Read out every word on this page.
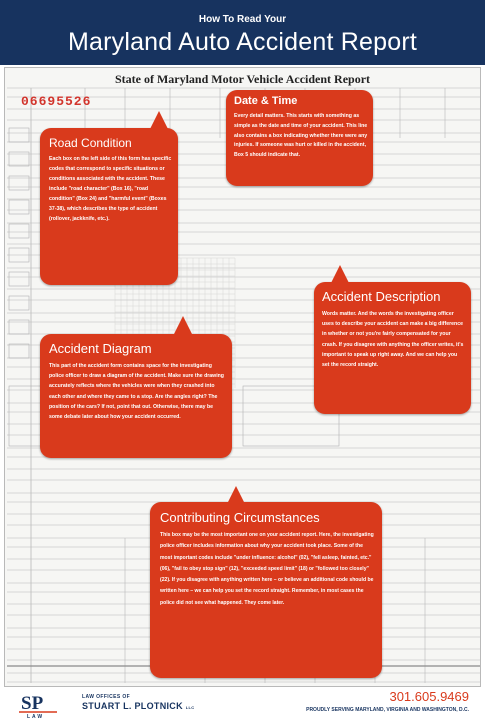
How To Read Your
Maryland Auto Accident Report
State of Maryland Motor Vehicle Accident Report
06695526	Date & Time
Every detail matters. This starts with something as simple as the date and time of your accident. This line also contains a box indicating whether there were any injuries. If someone was hurt or killed in the accident, Box 5 should indicate that.
Road Condition
Each box on the left side of this form has specific codes that correspond to specific situations or conditions associated with the accident. These include "road character" (Box 16), "road condition" (Box 24) and "harmful event" (Boxes 37-38), which describes the type of accident (rollover, jackknife, etc.).
Accident Description
Words matter. And the words the investigating officer uses to describe your accident can make a big difference in whether or not you're fairly compensated for your crash. If you disagree with anything the officer writes, it's important to speak up right away. And we can help you set the record straight.
Accident Diagram
This part of the accident form contains space for the investigating police officer to draw a diagram of the accident. Make sure the drawing accurately reflects where the vehicles were when they crashed into each other and where they came to a stop. Are the angles right? The position of the cars? If not, point that out. Otherwise, there may be some debate later about how your accident occurred.
Contributing Circumstances
This box may be the most important one on your accident report. Here, the investigating police officer includes information about why your accident took place. Some of the most important codes include "under influence: alcohol" (02), "fell asleep, fainted, etc." (06), "fail to obey stop sign" (12), "exceeded speed limit" (18) or "followed too closely" (22). If you disagree with anything written here – or believe an additional code should be written here – we can help you set the record straight. Remember, in most cases the police did not see what happened. They come later.
SP
LAW
LAW OFFICES OF
STUART L. PLOTNICK LLC
301.605.9469
PROUDLY SERVING MARYLAND, VIRGINIA AND WASHINGTON, D.C.
